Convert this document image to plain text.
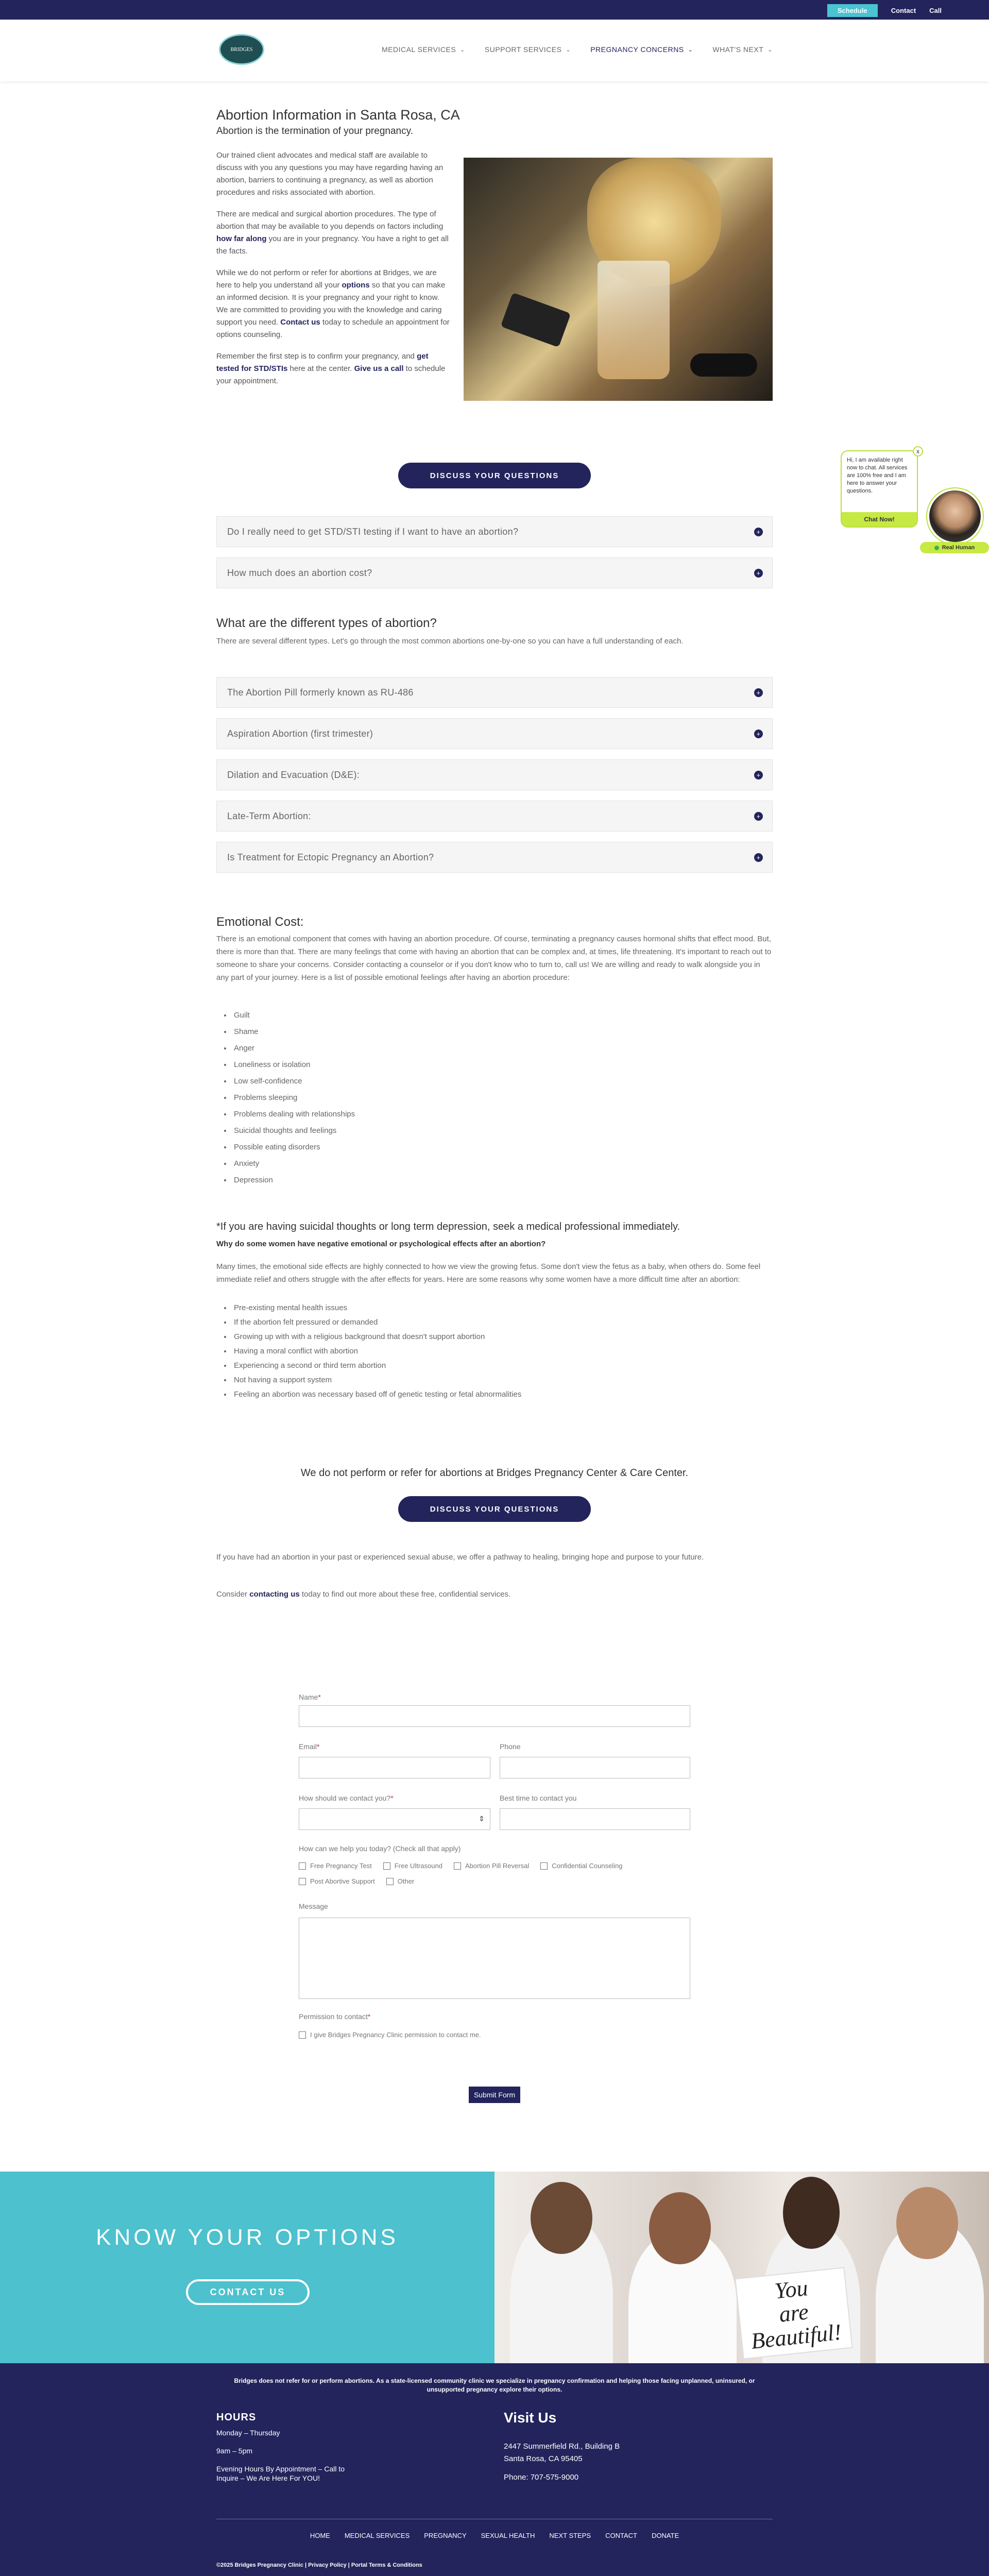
Schedule	Contact Call
BRIDGES	MEDICAL SERVICES ⌄	SUPPORT SERVICES ⌄	PREGNANCY CONCERNS ⌄	WHAT'S NEXT ⌄
Abortion Information in Santa Rosa, CA
Abortion is the termination of your pregnancy.

Our trained client advocates and medical staff are available to discuss with you any questions you may have regarding having an abortion, barriers to continuing a pregnancy, as well as abortion procedures and risks associated with abortion.

There are medical and surgical abortion procedures. The type of abortion that may be available to you depends on factors including how far along you are in your pregnancy. You have a right to get all the facts.

While we do not perform or refer for abortions at Bridges, we are here to help you understand all your options so that you can make an informed decision. It is your pregnancy and your right to know. We are committed to providing you with the knowledge and caring support you need. Contact us today to schedule an appointment for options counseling.

Remember the first step is to confirm your pregnancy, and get tested for STD/STIs here at the center. Give us a call to schedule your appointment.

DISCUSS YOUR QUESTIONS
Do I really need to get STD/STI testing if I want to have an abortion?	+
How much does an abortion cost?	+
What are the different types of abortion?

There are several different types. Let's go through the most common abortions one-by-one so you can have a full understanding of each.

The Abortion Pill formerly known as RU-486	+
Aspiration Abortion (first trimester)	+
Dilation and Evacuation (D&E):	+
Late-Term Abortion:	+
Is Treatment for Ectopic Pregnancy an Abortion?	+
Emotional Cost:

There is an emotional component that comes with having an abortion procedure. Of course, terminating a pregnancy causes hormonal shifts that effect mood. But, there is more than that. There are many feelings that come with having an abortion that can be complex and, at times, life threatening. It's important to reach out to someone to share your concerns. Consider contacting a counselor or if you don't know who to turn to, call us! We are willing and ready to walk alongside you in any part of your journey. Here is a list of possible emotional feelings after having an abortion procedure:

• Guilt
• Shame
• Anger
• Loneliness or isolation
• Low self-confidence
• Problems sleeping
• Problems dealing with relationships
• Suicidal thoughts and feelings
• Possible eating disorders
• Anxiety
• Depression
*If you are having suicidal thoughts or long term depression, seek a medical professional immediately.
Why do some women have negative emotional or psychological effects after an abortion?

Many times, the emotional side effects are highly connected to how we view the growing fetus. Some don't view the fetus as a baby, when others do. Some feel immediate relief and others struggle with the after effects for years. Here are some reasons why some women have a more difficult time after an abortion:

• Pre-existing mental health issues
• If the abortion felt pressured or demanded
• Growing up with with a religious background that doesn't support abortion
• Having a moral conflict with abortion
• Experiencing a second or third term abortion
• Not having a support system
• Feeling an abortion was necessary based off of genetic testing or fetal abnormalities
We do not perform or refer for abortions at Bridges Pregnancy Center & Care Center.
DISCUSS YOUR QUESTIONS

If you have had an abortion in your past or experienced sexual abuse, we offer a pathway to healing, bringing hope and purpose to your future.

Consider contacting us today to find out more about these free, confidential services.

Hi, I am available right now to chat. All services are 100% free and I am here to answer your questions.
x
Chat Now!
Real Human
Name*
Email*	Phone
How should we contact you?*
⇕
Best time to contact you
How can we help you today? (Check all that apply)
Free Pregnancy Test	Free Ultrasound	Abortion Pill Reversal	Confidential Counseling
Post Abortive Support	Other
Message
Permission to contact*
I give Bridges Pregnancy Clinic permission to contact me.
Submit Form
You
are
Beautiful!
KNOW YOUR OPTIONS
CONTACT US
Bridges does not refer for or perform abortions. As a state-licensed community clinic we specialize in pregnancy confirmation and helping those facing unplanned, uninsured, or unsupported pregnancy explore their options.
HOURS
Monday – Thursday
9am – 5pm
Evening Hours By Appointment – Call to Inquire – We Are Here For YOU!
Visit Us
2447 Summerfield Rd., Building B
Santa Rosa, CA 95405
Phone: 707-575-9000
HOME MEDICAL SERVICES PREGNANCY SEXUAL HEALTH NEXT STEPS CONTACT DONATE
©2025 Bridges Pregnancy Clinic | Privacy Policy | Portal Terms & Conditions
